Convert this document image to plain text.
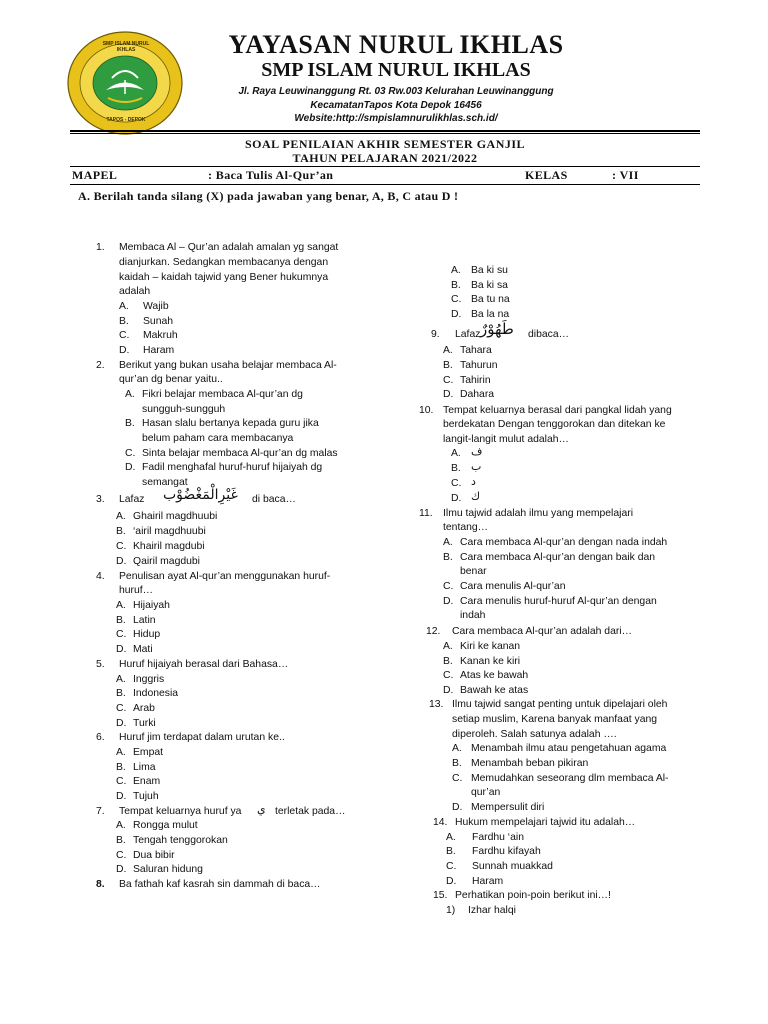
SMP ISLAM NURUL IKHLAS
TAPOS - DEPOK
YAYASAN NURUL IKHLAS
SMP ISLAM NURUL IKHLAS
Jl. Raya Leuwinanggung Rt. 03 Rw.003 Kelurahan Leuwinanggung
KecamatanTapos Kota Depok 16456
Website:http://smpislamnurulikhlas.sch.id/
SOAL PENILAIAN AKHIR SEMESTER GANJIL
TAHUN PELAJARAN 2021/2022
MAPEL	: Baca Tulis Al-Qur’an	KELAS	: VII
A. Berilah tanda silang (X) pada jawaban yang benar, A, B, C atau D !
1. Membaca Al – Qur’an adalah amalan yg sangat
dianjurkan. Sedangkan membacanya dengan
kaidah – kaidah tajwid yang Bener hukumnya
adalah
A. Wajib
B. Sunah
C. Makruh
D. Haram
2. Berikut yang bukan usaha belajar membaca Al-
qur’an dg benar yaitu..
A. Fikri belajar membaca Al-qur’an dg
sungguh-sungguh
B. Hasan slalu bertanya kepada guru jika
belum paham cara membacanya
C. Sinta belajar membaca Al-qur’an dg malas
D. Fadil menghafal huruf-huruf hijaiyah dg
semangat
3. Lafaz غَيْرِالْمَغْضُوْب di baca…
A. Ghairil magdhuubi
B. ‘airil magdhuubi
C. Khairil magdubi
D. Qairil magdubi
4. Penulisan ayat Al-qur’an menggunakan huruf-
huruf…
A. Hijaiyah
B. Latin
C. Hidup
D. Mati
5. Huruf hijaiyah berasal dari Bahasa…
A. Inggris
B. Indonesia
C. Arab
D. Turki
6. Huruf jim terdapat dalam urutan ke..
A. Empat
B. Lima
C. Enam
D. Tujuh
7. Tempat keluarnya huruf ya ي terletak pada…
A. Rongga mulut
B. Tengah tenggorokan
C. Dua bibir
D. Saluran hidung
8. Ba fathah kaf kasrah sin dammah di baca…
A. Ba ki su
B. Ba ki sa
C. Ba tu na
D. Ba la na
9. Lafaz طَهُوْرٌ dibaca…
A. Tahara
B. Tahurun
C. Tahirin
D. Dahara
10. Tempat keluarnya berasal dari pangkal lidah yang
berdekatan Dengan tenggorokan dan ditekan ke
langit-langit mulut adalah…
A. ف
B. ب
C. د
D. ك
11. Ilmu tajwid adalah ilmu yang mempelajari
tentang…
A. Cara membaca Al-qur’an dengan nada indah
B. Cara membaca Al-qur’an dengan baik dan
benar
C. Cara menulis Al-qur’an
D. Cara menulis huruf-huruf Al-qur’an dengan
indah
12. Cara membaca Al-qur’an adalah dari…
A. Kiri ke kanan
B. Kanan ke kiri
C. Atas ke bawah
D. Bawah ke atas
13. Ilmu tajwid sangat penting untuk dipelajari oleh
setiap muslim, Karena banyak manfaat yang
diperoleh. Salah satunya adalah ….
A. Menambah ilmu atau pengetahuan agama
B. Menambah beban pikiran
C. Memudahkan seseorang dlm membaca Al-
qur’an
D. Mempersulit diri
14. Hukum mempelajari tajwid itu adalah…
A. Fardhu ‘ain
B. Fardhu kifayah
C. Sunnah muakkad
D. Haram
15. Perhatikan poin-poin berikut ini…!
1) Izhar halqi
